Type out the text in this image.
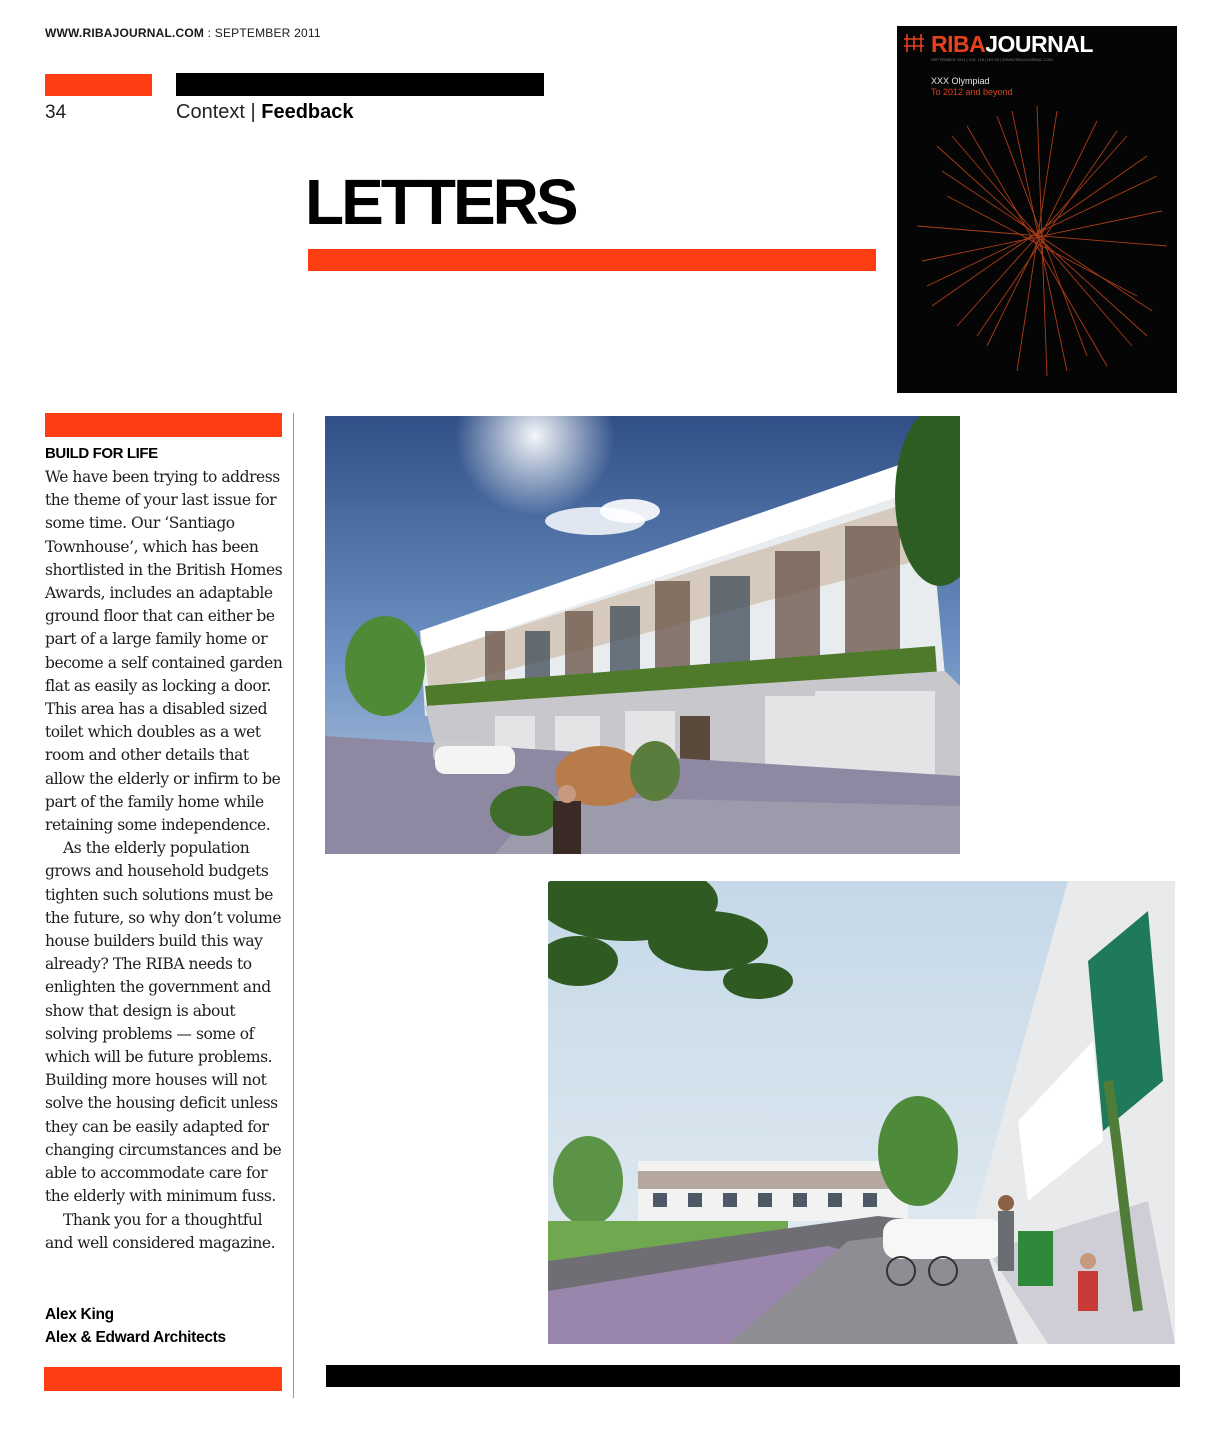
WWW.RIBAJOURNAL.COM : SEPTEMBER 2011
34	Context | Feedback
LETTERS
RIBAJOURNAL
SEPTEMBER 2011 | VOL 118 | NO 09 | WWW.RIBAJOURNAL.COM
XXX Olympiad
To 2012 and beyond
BUILD FOR LIFE

We have been trying to address the theme of your last issue for some time. Our ‘Santiago Townhouse’, which has been shortlisted in the British Homes Awards, includes an adaptable ground floor that can either be part of a large family home or become a self contained garden flat as easily as locking a door. This area has a disabled sized toilet which doubles as a wet room and other details that allow the elderly or infirm to be part of the family home while retaining some independence.

As the elderly population grows and household budgets tighten such solutions must be the future, so why don’t volume house builders build this way already? The RIBA needs to enlighten the government and show that design is about solving problems — some of which will be future problems. Building more houses will not solve the housing deficit unless they can be easily adapted for changing circumstances and be able to accommodate care for the elderly with minimum fuss.

Thank you for a thoughtful and well considered magazine.

Alex King
Alex & Edward Architects
